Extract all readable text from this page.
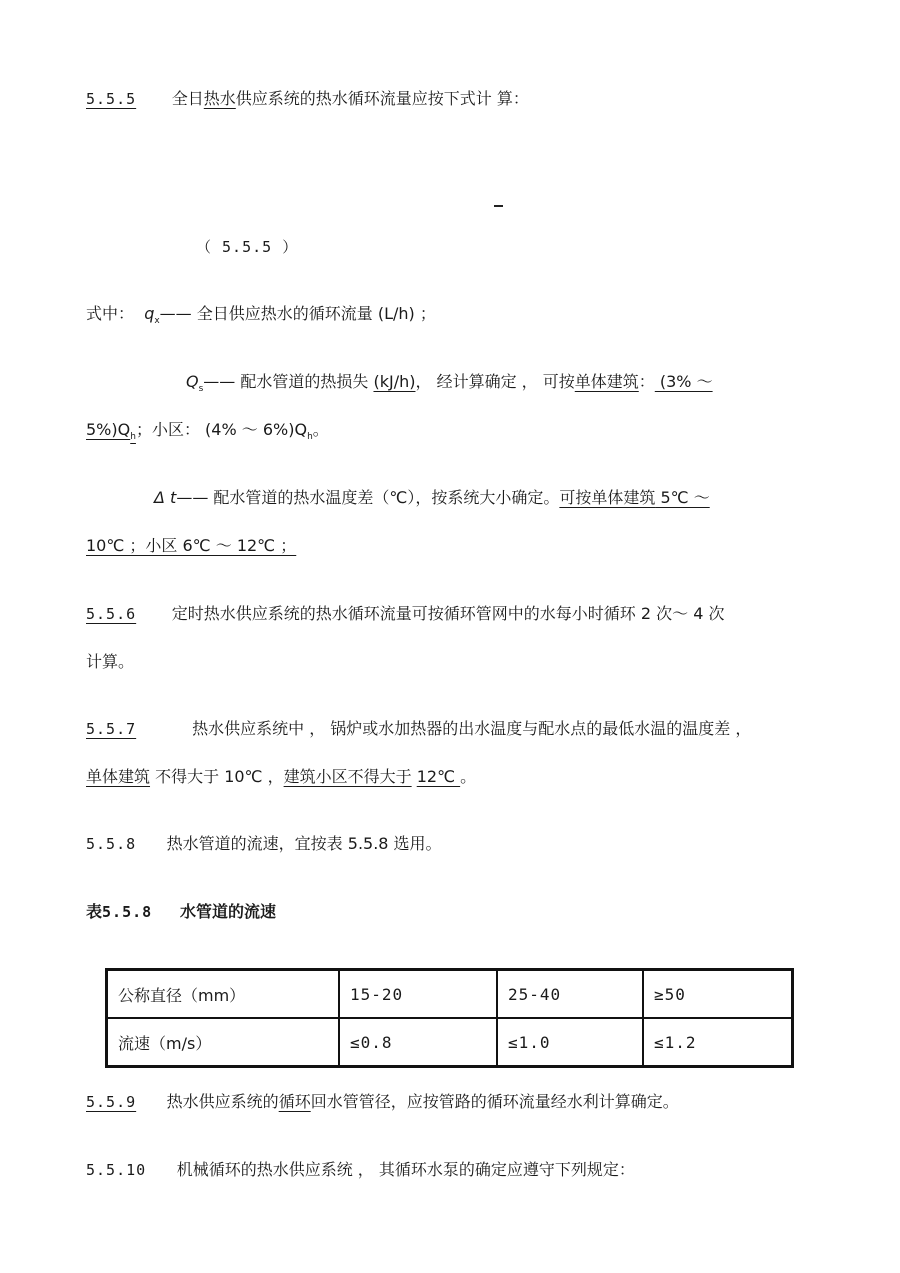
5.5.5 全日热水供应系统的热水循环流量应按下式计 算：
（ 5.5.5 ）
式中： $q_x——$ 全日供应热水的循环流量 (L/h) ；
$Q_s——$ 配水管道的热损失 (kJ/h)， 经计算确定 ， 可按单体建筑： (3% ～
$5\%)Q_h$；小区： (4% ～ $6\%)Q_h$。
Δ t—— 配水管道的热水温度差（℃），按系统大小确定。可按单体建筑 5℃ ～
10℃ ；小区 6℃ ～ 12℃ ；
5.5.6 定时热水供应系统的热水循环流量可按循环管网中的水每小时循环 2 次～ 4 次
计算。
5.5.7	热水供应系统中 ， 锅炉或水加热器的出水温度与配水点的最低水温的温度差 ，
单体建筑 不得大于 10℃ ，建筑小区不得大于 12℃ 。
5.5.8 热水管道的流速，宜按表 5.5.8 选用。
表5.5.8 水管道的流速
公称直径（mm）	15-20	25-40	≥50
流速（m/s）	≤0.8	≤1.0	≤1.2
5.5.9 热水供应系统的循环回水管管径，应按管路的循环流量经水利计算确定。
5.5.10 机械循环的热水供应系统 ， 其循环水泵的确定应遵守下列规定：
